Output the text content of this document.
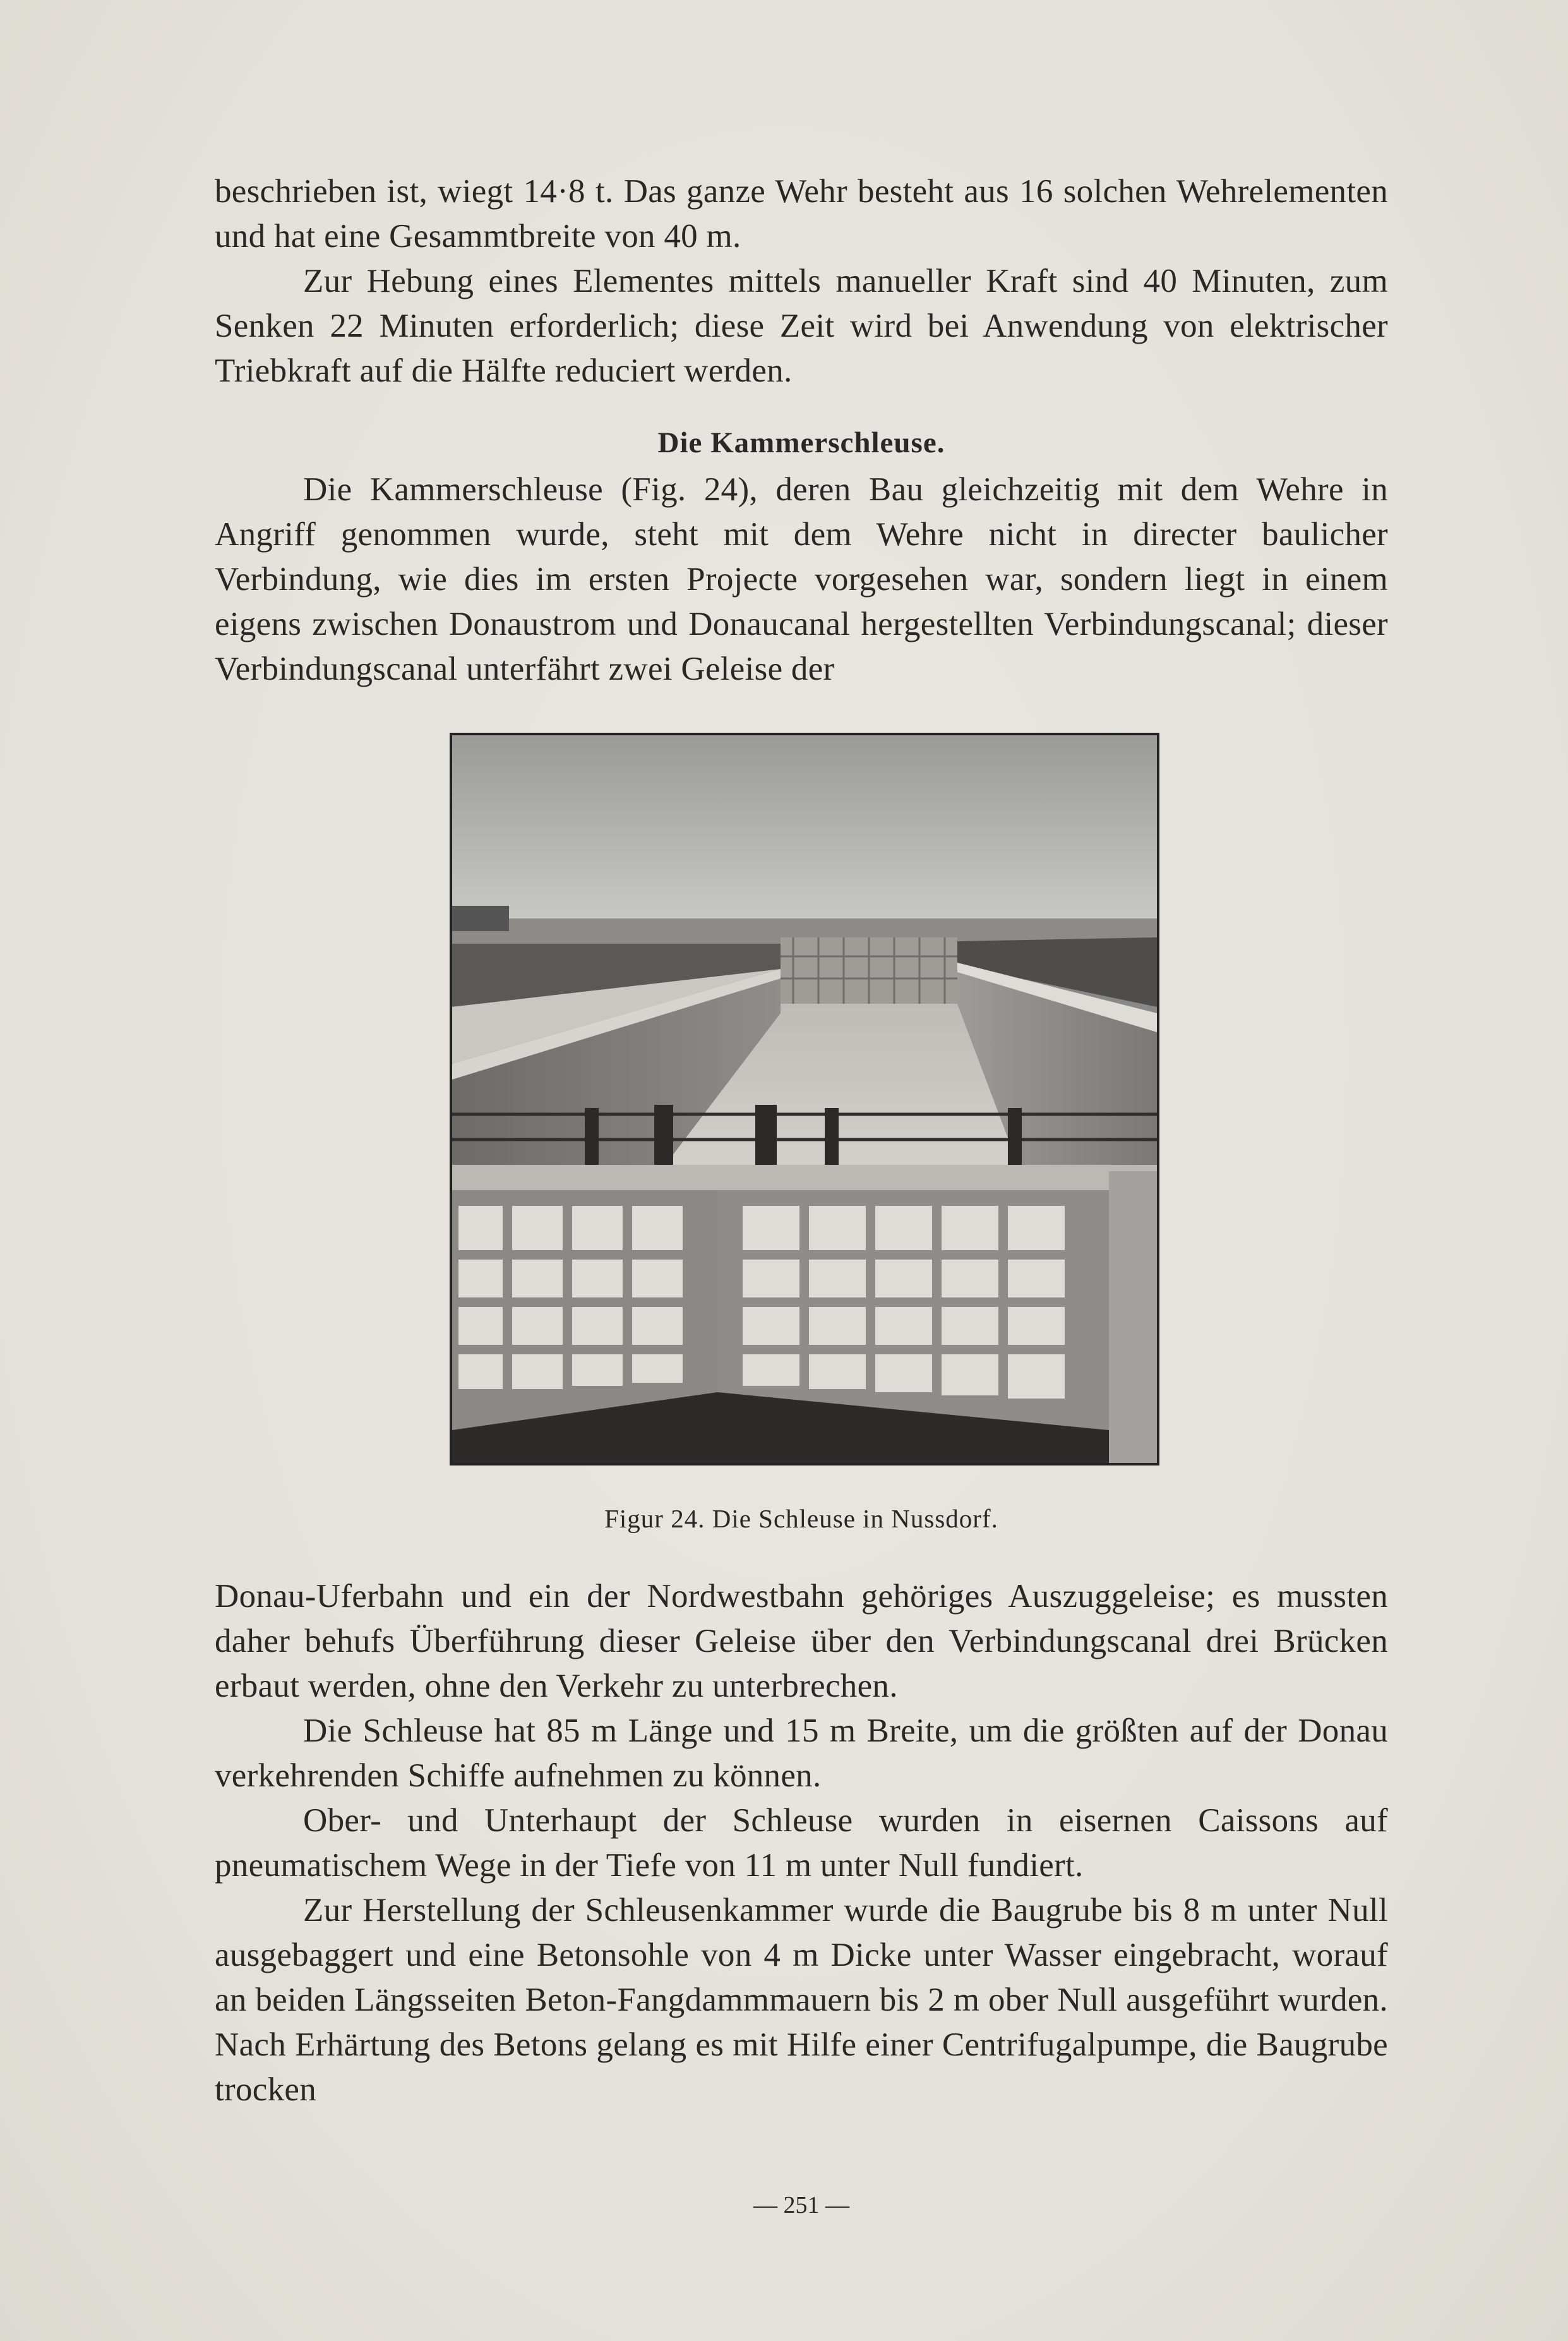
beschrieben ist, wiegt 14·8 t. Das ganze Wehr besteht aus 16 solchen Wehrelementen und hat eine Gesammtbreite von 40 m.

Zur Hebung eines Elementes mittels manueller Kraft sind 40 Minuten, zum Senken 22 Minuten erforderlich; diese Zeit wird bei Anwendung von elektrischer Triebkraft auf die Hälfte reduciert werden.

Die Kammerschleuse.

Die Kammerschleuse (Fig. 24), deren Bau gleichzeitig mit dem Wehre in Angriff genommen wurde, steht mit dem Wehre nicht in directer baulicher Verbindung, wie dies im ersten Projecte vorgesehen war, sondern liegt in einem eigens zwischen Donaustrom und Donaucanal hergestellten Verbindungscanal; dieser Verbindungscanal unterfährt zwei Geleise der

Figur 24. Die Schleuse in Nussdorf.

Donau-Uferbahn und ein der Nordwestbahn gehöriges Auszuggeleise; es mussten daher behufs Überführung dieser Geleise über den Verbindungscanal drei Brücken erbaut werden, ohne den Verkehr zu unterbrechen.

Die Schleuse hat 85 m Länge und 15 m Breite, um die größten auf der Donau verkehrenden Schiffe aufnehmen zu können.

Ober- und Unterhaupt der Schleuse wurden in eisernen Caissons auf pneumatischem Wege in der Tiefe von 11 m unter Null fundiert.

Zur Herstellung der Schleusenkammer wurde die Baugrube bis 8 m unter Null ausgebaggert und eine Betonsohle von 4 m Dicke unter Wasser eingebracht, worauf an beiden Längsseiten Beton-Fangdammmauern bis 2 m ober Null ausgeführt wurden. Nach Erhärtung des Betons gelang es mit Hilfe einer Centrifugalpumpe, die Baugrube trocken

— 251 —
